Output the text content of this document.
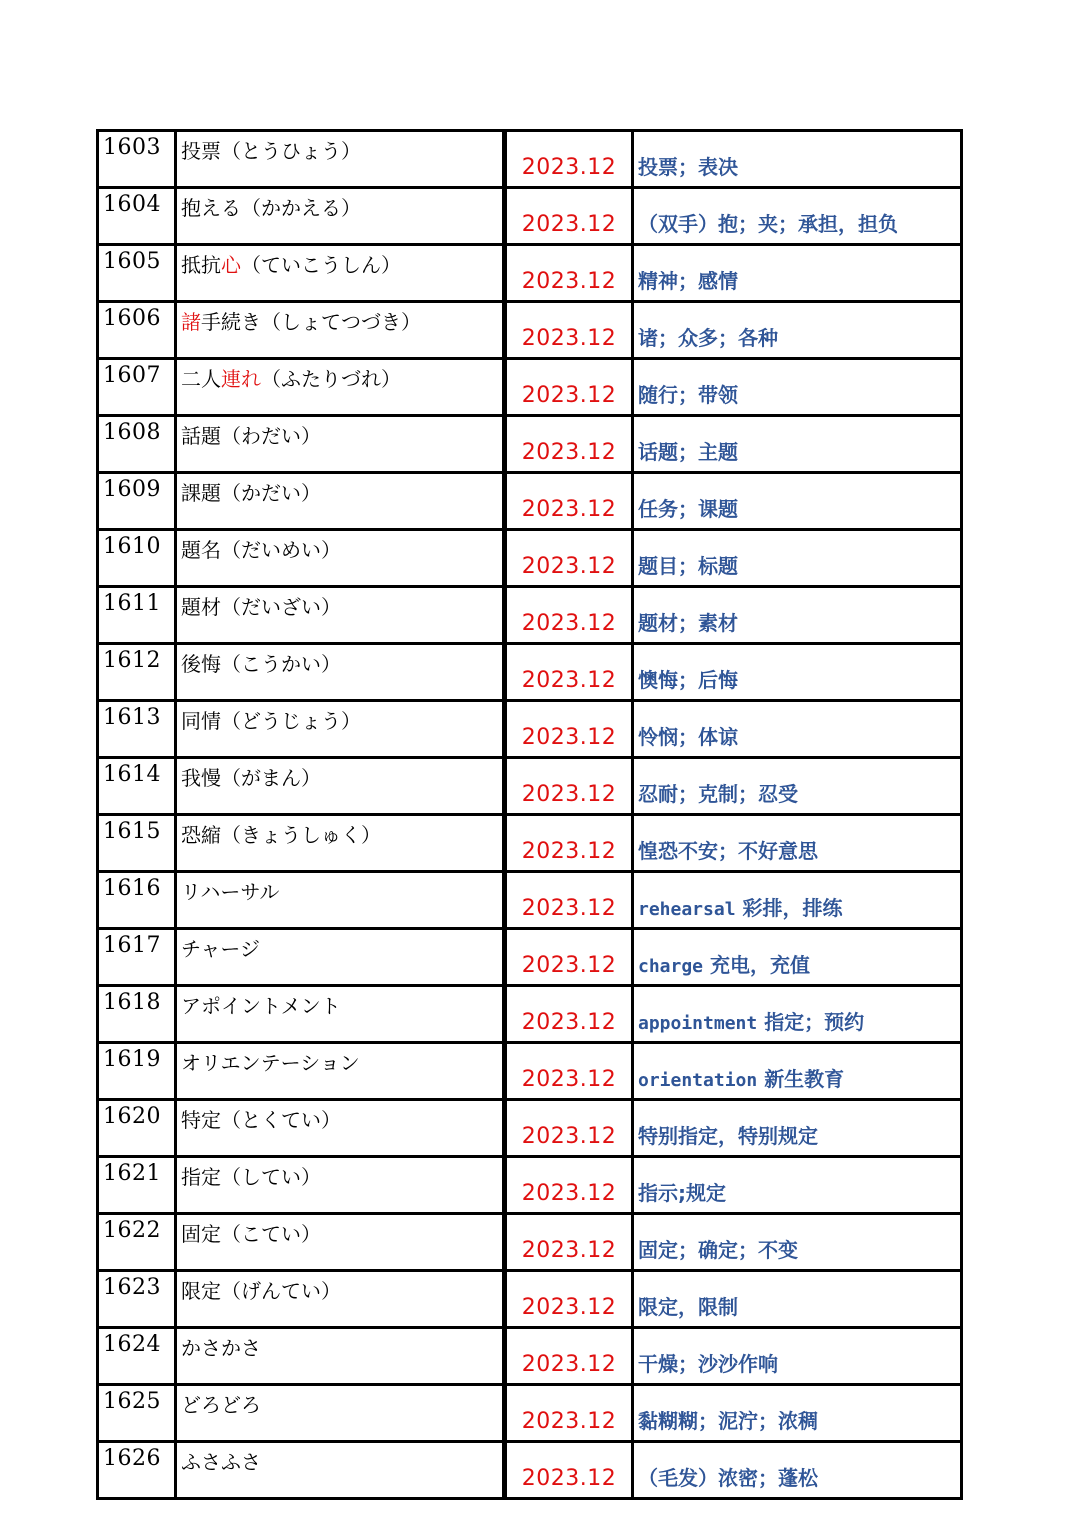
1603	投票（とうひょう）		2023.12	投票；表决
1604	抱える（かかえる）		2023.12	（双手）抱；夹；承担，担负
1605	抵抗心（ていこうしん）		2023.12	精神；感情
1606	諸手続き（しょてつづき）		2023.12	诸；众多；各种
1607	二人連れ（ふたりづれ）		2023.12	随行；带领
1608	話題（わだい）		2023.12	话题；主题
1609	課題（かだい）		2023.12	任务；课题
1610	題名（だいめい）		2023.12	题目；标题
1611	題材（だいざい）		2023.12	题材；素材
1612	後悔（こうかい）		2023.12	懊悔；后悔
1613	同情（どうじょう）		2023.12	怜悯；体谅
1614	我慢（がまん）		2023.12	忍耐；克制；忍受
1615	恐縮（きょうしゅく）		2023.12	惶恐不安；不好意思
1616	リハーサル		2023.12	rehearsal 彩排，排练
1617	チャージ		2023.12	charge 充电，充值
1618	アポイントメント		2023.12	appointment 指定；预约
1619	オリエンテーション		2023.12	orientation 新生教育
1620	特定（とくてい）		2023.12	特别指定，特别规定
1621	指定（してい）		2023.12	指示;规定
1622	固定（こてい）		2023.12	固定；确定；不变
1623	限定（げんてい）		2023.12	限定，限制
1624	かさかさ		2023.12	干燥；沙沙作响
1625	どろどろ		2023.12	黏糊糊；泥泞；浓稠
1626	ふさふさ		2023.12	（毛发）浓密；蓬松
